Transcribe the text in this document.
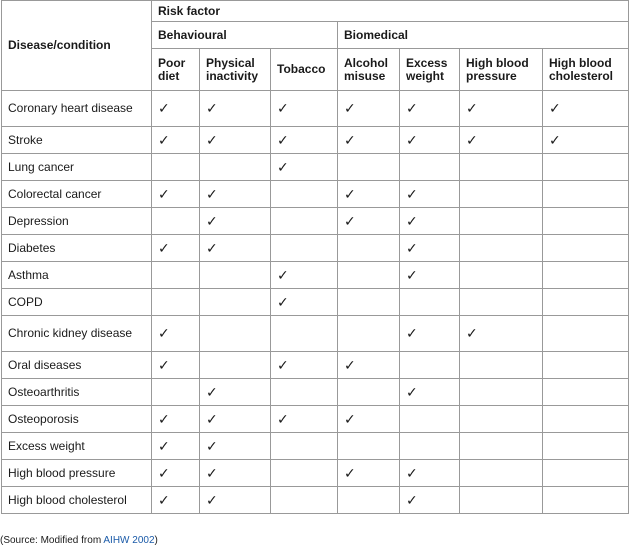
Disease/condition	Risk factor						
	Behavioural			Biomedical			
	Poor diet	Physical inactivity	Tobacco	Alcohol misuse	Excess weight	High blood pressure	High blood cholesterol
Coronary heart disease	✓	✓	✓	✓	✓	✓	✓
Stroke	✓	✓	✓	✓	✓	✓	✓
Lung cancer			✓				
Colorectal cancer	✓	✓		✓	✓		
Depression		✓		✓	✓		
Diabetes	✓	✓			✓		
Asthma			✓		✓		
COPD			✓				
Chronic kidney disease	✓				✓	✓	
Oral diseases	✓		✓	✓			
Osteoarthritis		✓			✓		
Osteoporosis	✓	✓	✓	✓			
Excess weight	✓	✓					
High blood pressure	✓	✓		✓	✓		
High blood cholesterol	✓	✓			✓		
(Source: Modified from AIHW 2002)
